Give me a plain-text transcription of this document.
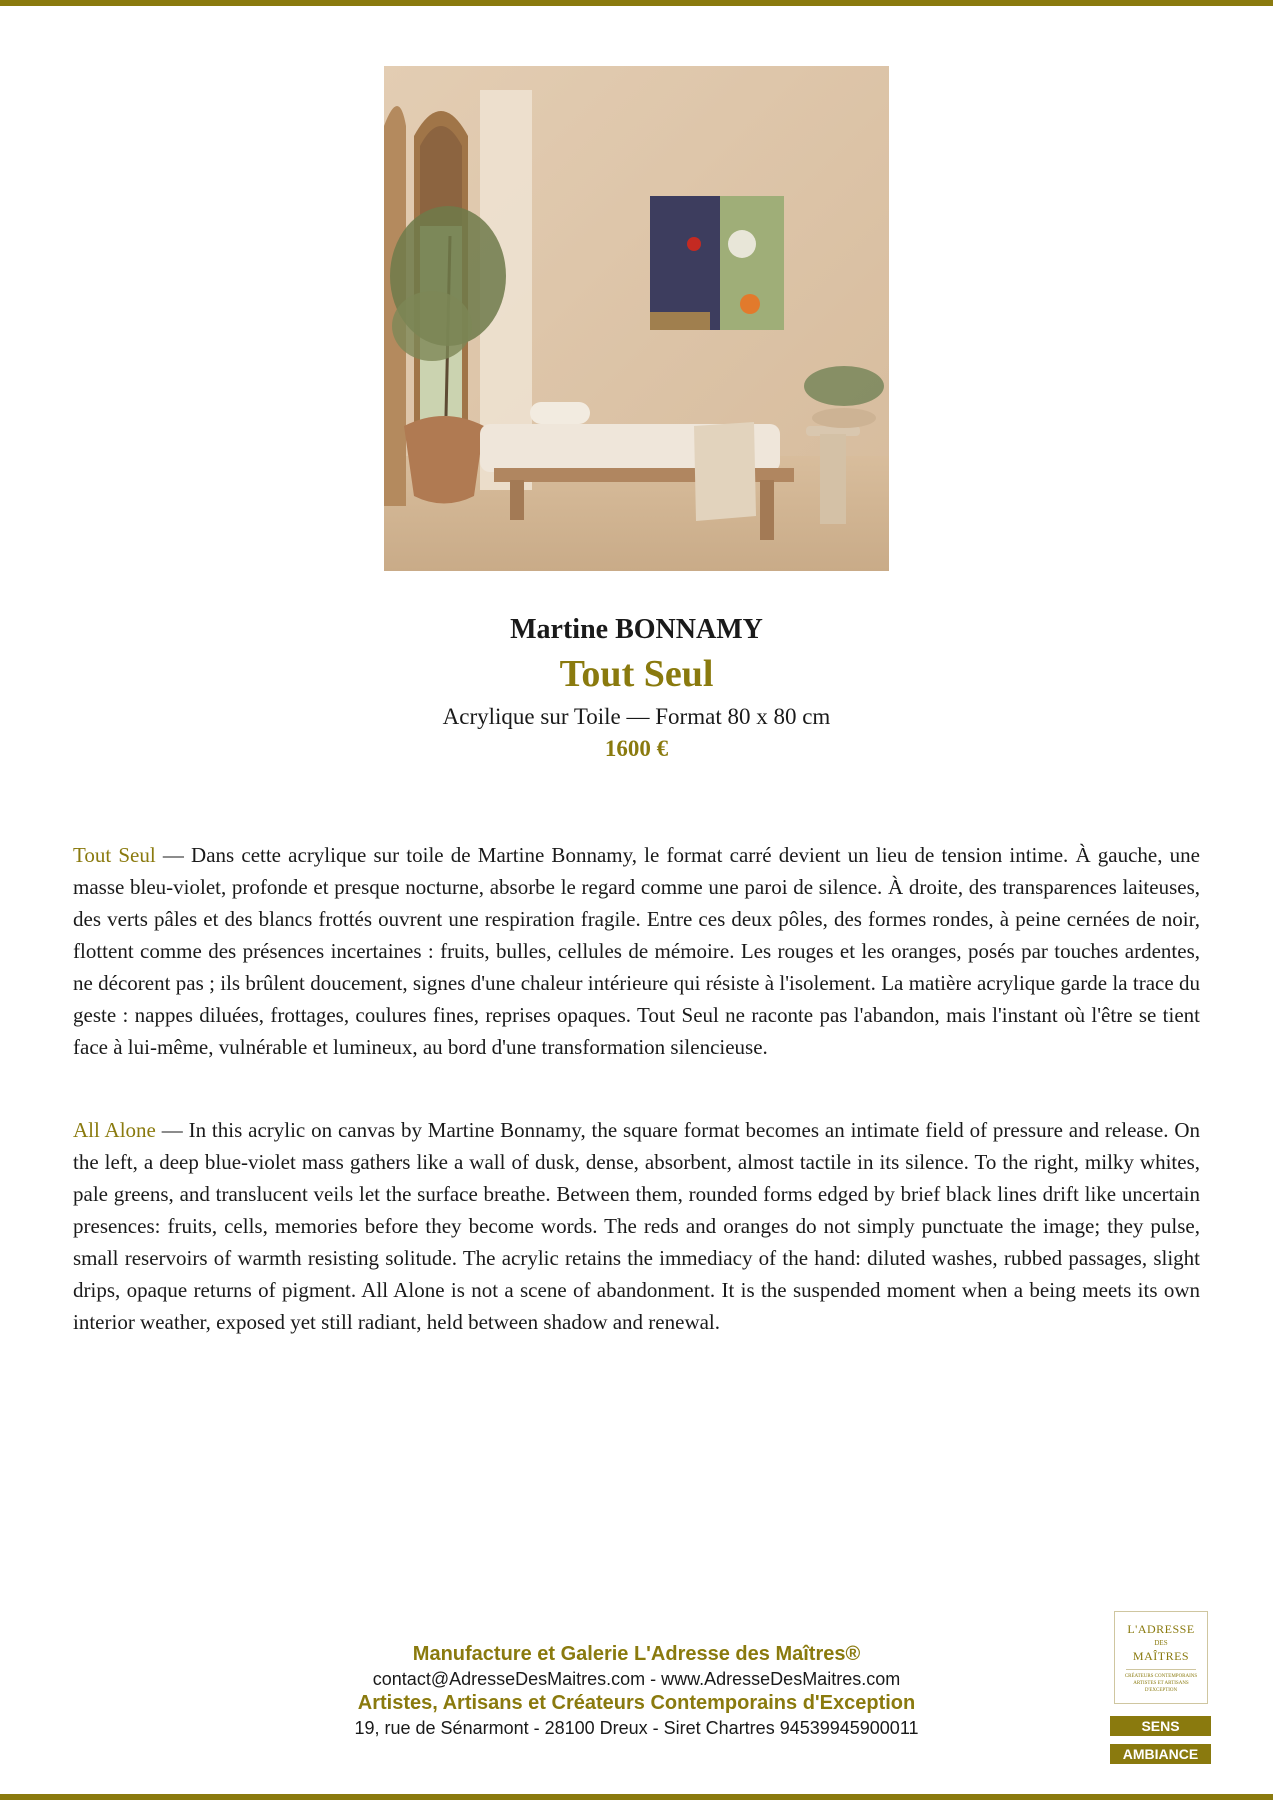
Martine BONNAMY
Tout Seul
Acrylique sur Toile — Format 80 x 80 cm
1600 €

Tout Seul — Dans cette acrylique sur toile de Martine Bonnamy, le format carré devient un lieu de tension intime. À gauche, une masse bleu-violet, profonde et presque nocturne, absorbe le regard comme une paroi de silence. À droite, des transparences laiteuses, des verts pâles et des blancs frottés ouvrent une respiration fragile. Entre ces deux pôles, des formes rondes, à peine cernées de noir, flottent comme des présences incertaines : fruits, bulles, cellules de mémoire. Les rouges et les oranges, posés par touches ardentes, ne décorent pas ; ils brûlent doucement, signes d'une chaleur intérieure qui résiste à l'isolement. La matière acrylique garde la trace du geste : nappes diluées, frottages, coulures fines, reprises opaques. Tout Seul ne raconte pas l'abandon, mais l'instant où l'être se tient face à lui-même, vulnérable et lumineux, au bord d'une transformation silencieuse.

All Alone — In this acrylic on canvas by Martine Bonnamy, the square format becomes an intimate field of pressure and release. On the left, a deep blue-violet mass gathers like a wall of dusk, dense, absorbent, almost tactile in its silence. To the right, milky whites, pale greens, and translucent veils let the surface breathe. Between them, rounded forms edged by brief black lines drift like uncertain presences: fruits, cells, memories before they become words. The reds and oranges do not simply punctuate the image; they pulse, small reservoirs of warmth resisting solitude. The acrylic retains the immediacy of the hand: diluted washes, rubbed passages, slight drips, opaque returns of pigment. All Alone is not a scene of abandonment. It is the suspended moment when a being meets its own interior weather, exposed yet still radiant, held between shadow and renewal.

Manufacture et Galerie L'Adresse des Maîtres®
contact@AdresseDesMaitres.com - www.AdresseDesMaitres.com
Artistes, Artisans et Créateurs Contemporains d'Exception
19, rue de Sénarmont - 28100 Dreux - Siret Chartres 94539945900011
L'ADRESSE
DES
MAÎTRES
CRÉATEURS CONTEMPORAINS ARTISTES ET ARTISANS D'EXCEPTION
SENS
AMBIANCE
